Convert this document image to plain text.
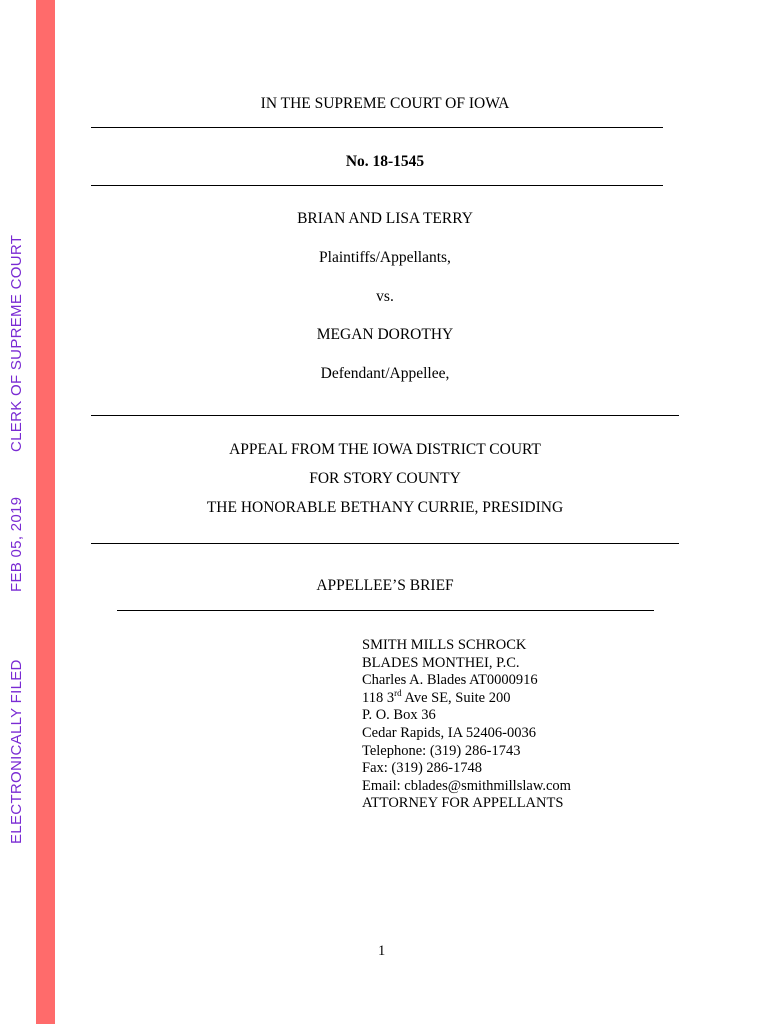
CLERK OF SUPREME COURT
FEB 05, 2019
ELECTRONICALLY FILED
IN THE SUPREME COURT OF IOWA
No. 18-1545
BRIAN AND LISA TERRY
Plaintiffs/Appellants,
vs.
MEGAN DOROTHY
Defendant/Appellee,
APPEAL FROM THE IOWA DISTRICT COURT
FOR STORY COUNTY
THE HONORABLE BETHANY CURRIE, PRESIDING
APPELLEE’S BRIEF
SMITH MILLS SCHROCK
BLADES MONTHEI, P.C.
Charles A. Blades AT0000916
118 3rd Ave SE, Suite 200
P. O. Box 36
Cedar Rapids, IA 52406-0036
Telephone: (319) 286-1743
Fax: (319) 286-1748
Email: cblades@smithmillslaw.com
ATTORNEY FOR APPELLANTS
1
